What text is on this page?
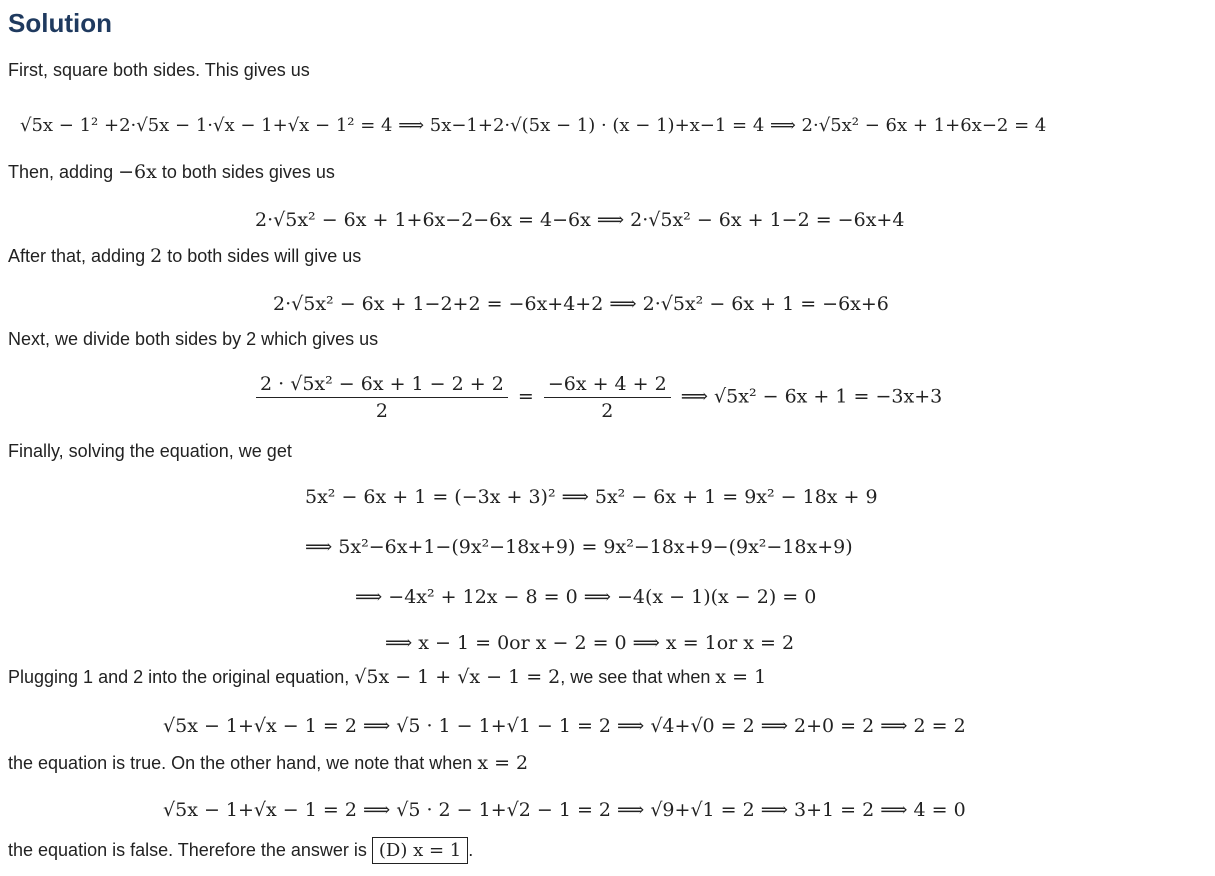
Solution
First, square both sides. This gives us
√5x − 1² +2·√5x − 1·√x − 1+√x − 1² = 4 ⟹ 5x−1+2·√(5x − 1) · (x − 1)+x−1 = 4 ⟹ 2·√5x² − 6x + 1+6x−2 = 4
Then, adding −6x to both sides gives us
2·√5x² − 6x + 1+6x−2−6x = 4−6x ⟹ 2·√5x² − 6x + 1−2 = −6x+4
After that, adding 2 to both sides will give us
2·√5x² − 6x + 1−2+2 = −6x+4+2 ⟹ 2·√5x² − 6x + 1 = −6x+6
Next, we divide both sides by 2 which gives us
$\frac{\text{2 · √5x² − 6x + 1 − 2 + 2}}{2} = \frac{-6x + 4 + 2}{2}$ ⟹ √5x² − 6x + 1 = −3x+3
Finally, solving the equation, we get
5x² − 6x + 1 = (−3x + 3)² ⟹ 5x² − 6x + 1 = 9x² − 18x + 9
⟹ 5x²−6x+1−(9x²−18x+9) = 9x²−18x+9−(9x²−18x+9)
⟹ −4x² + 12x − 8 = 0 ⟹ −4(x − 1)(x − 2) = 0
⟹ x − 1 = 0or x − 2 = 0 ⟹ x = 1or x = 2
Plugging 1 and 2 into the original equation, √5x − 1 + √x − 1 = 2, we see that when x = 1
√5x − 1+√x − 1 = 2 ⟹ √5 · 1 − 1+√1 − 1 = 2 ⟹ √4+√0 = 2 ⟹ 2+0 = 2 ⟹ 2 = 2
the equation is true. On the other hand, we note that when x = 2
√5x − 1+√x − 1 = 2 ⟹ √5 · 2 − 1+√2 − 1 = 2 ⟹ √9+√1 = 2 ⟹ 3+1 = 2 ⟹ 4 = 0
the equation is false. Therefore the answer is (D) x = 1 .
